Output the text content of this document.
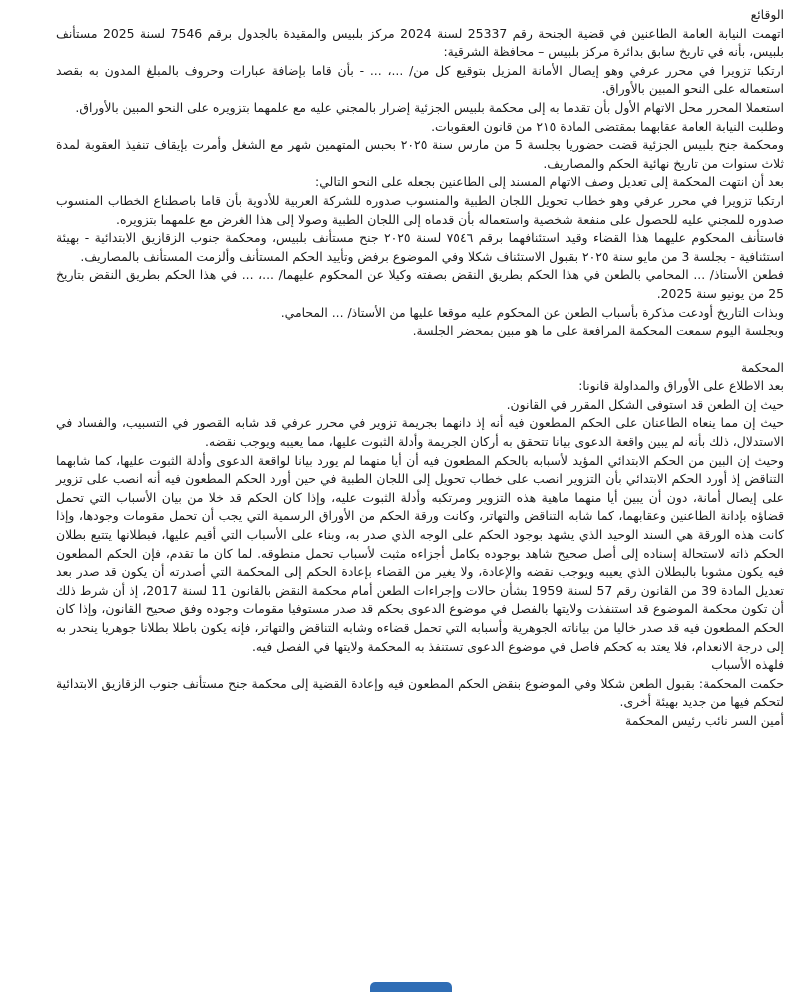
الوقائع

اتهمت النيابة العامة الطاعنين في قضية الجنحة رقم 25337 لسنة 2024 مركز بلبيس والمقيدة بالجدول برقم 7546 لسنة 2025 مستأنف بلبيس، بأنه في تاريخ سابق بدائرة مركز بلبيس – محافظة الشرقية:

ارتكبا تزويرا في محرر عرفي وهو إيصال الأمانة المزيل بتوقيع كل من/ ...، ... - بأن قاما بإضافة عبارات وحروف بالمبلغ المدون به بقصد استعماله على النحو المبين بالأوراق.

استعملا المحرر محل الاتهام الأول بأن تقدما به إلى محكمة بلبيس الجزئية إضرار بالمجني عليه مع علمهما بتزويره على النحو المبين بالأوراق.

وطلبت النيابة العامة عقابهما بمقتضى المادة ٢١٥ من قانون العقوبات.

ومحكمة جنح بلبيس الجزئية قضت حضوريا بجلسة 5 من مارس سنة ٢٠٢٥ بحبس المتهمين شهر مع الشغل وأمرت بإيقاف تنفيذ العقوبة لمدة ثلاث سنوات من تاريخ نهائية الحكم والمصاريف.

بعد أن انتهت المحكمة إلى تعديل وصف الاتهام المسند إلى الطاعنين بجعله على النحو التالي:

ارتكبا تزويرا في محرر عرفي وهو خطاب تحويل اللجان الطبية والمنسوب صدوره للشركة العربية للأدوية بأن قاما باصطناع الخطاب المنسوب صدوره للمجني عليه للحصول على منفعة شخصية واستعماله بأن قدماه إلى اللجان الطبية وصولا إلى هذا الغرض مع علمهما بتزويره.

فاستأنف المحكوم عليهما هذا القضاء وقيد استئنافهما برقم ٧٥٤٦ لسنة ٢٠٢٥ جنح مستأنف بلبيس، ومحكمة جنوب الزقازيق الابتدائية - بهيئة استئنافية - بجلسة 3 من مايو سنة ٢٠٢٥ بقبول الاستئناف شكلا وفي الموضوع برفض وتأييد الحكم المستأنف وألزمت المستأنف بالمصاريف.

فطعن الأستاذ/ ... المحامي بالطعن في هذا الحكم بطريق النقض بصفته وكيلا عن المحكوم عليهما/ ...، ... في هذا الحكم بطريق النقض بتاريخ 25 من يونيو سنة 2025.

وبذات التاريخ أودعت مذكرة بأسباب الطعن عن المحكوم عليه موقعا عليها من الأستاذ/ ... المحامي.

وبجلسة اليوم سمعت المحكمة المرافعة على ما هو مبين بمحضر الجلسة.

المحكمة

بعد الاطلاع على الأوراق والمداولة قانونا:

حيث إن الطعن قد استوفى الشكل المقرر في القانون.

حيث إن مما ينعاه الطاعنان على الحكم المطعون فيه أنه إذ دانهما بجريمة تزوير في محرر عرفي قد شابه القصور في التسبيب، والفساد في الاستدلال، ذلك بأنه لم يبين واقعة الدعوى بيانا تتحقق به أركان الجريمة وأدلة الثبوت عليها، مما يعيبه ويوجب نقضه.

وحيث إن البين من الحكم الابتدائي المؤيد لأسبابه بالحكم المطعون فيه أن أيا منهما لم يورد بيانا لواقعة الدعوى وأدلة الثبوت عليها، كما شابهما التناقض إذ أورد الحكم الابتدائي بأن التزوير انصب على خطاب تحويل إلى اللجان الطبية في حين أورد الحكم المطعون فيه أنه انصب على تزوير على إيصال أمانة، دون أن يبين أيا منهما ماهية هذه التزوير ومرتكبه وأدلة الثبوت عليه، وإذا كان الحكم قد خلا من بيان الأسباب التي تحمل قضاؤه بإدانة الطاعنين وعقابهما، كما شابه التناقض والتهاتر، وكانت ورقة الحكم من الأوراق الرسمية التي يجب أن تحمل مقومات وجودها، وإذا كانت هذه الورقة هي السند الوحيد الذي يشهد بوجود الحكم على الوجه الذي صدر به، وبناء على الأسباب التي أقيم عليها، فبطلانها يتتبع بطلان الحكم ذاته لاستحالة إسناده إلى أصل صحيح شاهد بوجوده بكامل أجزاءه مثبت لأسباب تحمل منطوقه. لما كان ما تقدم، فإن الحكم المطعون فيه يكون مشوبا بالبطلان الذي يعيبه ويوجب نقضه والإعادة، ولا يغير من القضاء بإعادة الحكم إلى المحكمة التي أصدرته أن يكون قد صدر بعد تعديل المادة 39 من القانون رقم 57 لسنة 1959 بشأن حالات وإجراءات الطعن أمام محكمة النقض بالقانون 11 لسنة 2017، إذ أن شرط ذلك أن تكون محكمة الموضوع قد استنفذت ولايتها بالفصل في موضوع الدعوى بحكم قد صدر مستوفيا مقومات وجوده وفق صحيح القانون، وإذا كان الحكم المطعون فيه قد صدر خاليا من بياناته الجوهرية وأسبابه التي تحمل قضاءه وشابه التناقض والتهاتر، فإنه يكون باطلا بطلانا جوهريا ينحدر به إلى درجة الانعدام، فلا يعتد به كحكم فاصل في موضوع الدعوى تستنفذ به المحكمة ولايتها في الفصل فيه.

فلهذه الأسباب

حكمت المحكمة: بقبول الطعن شكلا وفي الموضوع بنقض الحكم المطعون فيه وإعادة القضية إلى محكمة جنح مستأنف جنوب الزقازيق الابتدائية لتحكم فيها من جديد بهيئة أخرى.

أمين السر نائب رئيس المحكمة
